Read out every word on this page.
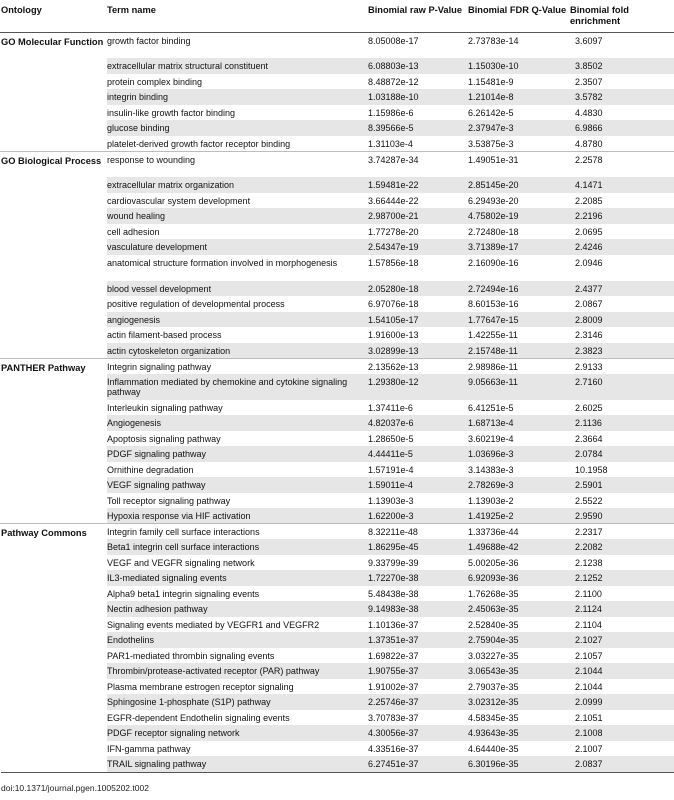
Ontology	Term name	Binomial raw P-Value	Binomial FDR Q-Value	Binomial fold enrichment
GO Molecular Function	growth factor binding	8.05008e-17	2.73783e-14	3.6097
	extracellular matrix structural constituent	6.08803e-13	1.15030e-10	3.8502
	protein complex binding	8.48872e-12	1.15481e-9	2.3507
	integrin binding	1.03188e-10	1.21014e-8	3.5782
	insulin-like growth factor binding	1.15986e-6	6.26142e-5	4.4830
	glucose binding	8.39566e-5	2.37947e-3	6.9866
	platelet-derived growth factor receptor binding	1.31103e-4	3.53875e-3	4.8780
GO Biological Process	response to wounding	3.74287e-34	1.49051e-31	2.2578
	extracellular matrix organization	1.59481e-22	2.85145e-20	4.1471
	cardiovascular system development	3.66444e-22	6.29493e-20	2.2085
	wound healing	2.98700e-21	4.75802e-19	2.2196
	cell adhesion	1.77278e-20	2.72480e-18	2.0695
	vasculature development	2.54347e-19	3.71389e-17	2.4246
	anatomical structure formation involved in morphogenesis	1.57856e-18	2.16090e-16	2.0946
	blood vessel development	2.05280e-18	2.72494e-16	2.4377
	positive regulation of developmental process	6.97076e-18	8.60153e-16	2.0867
	angiogenesis	1.54105e-17	1.77647e-15	2.8009
	actin filament-based process	1.91600e-13	1.42255e-11	2.3146
	actin cytoskeleton organization	3.02899e-13	2.15748e-11	2.3823
PANTHER Pathway	Integrin signaling pathway	2.13562e-13	2.98986e-11	2.9133
	Inflammation mediated by chemokine and cytokine signaling pathway	1.29380e-12	9.05663e-11	2.7160
	Interleukin signaling pathway	1.37411e-6	6.41251e-5	2.6025
	Angiogenesis	4.82037e-6	1.68713e-4	2.1136
	Apoptosis signaling pathway	1.28650e-5	3.60219e-4	2.3664
	PDGF signaling pathway	4.44411e-5	1.03696e-3	2.0784
	Ornithine degradation	1.57191e-4	3.14383e-3	10.1958
	VEGF signaling pathway	1.59011e-4	2.78269e-3	2.5901
	Toll receptor signaling pathway	1.13903e-3	1.13903e-2	2.5522
	Hypoxia response via HIF activation	1.62200e-3	1.41925e-2	2.9590
Pathway Commons	Integrin family cell surface interactions	8.32211e-48	1.33736e-44	2.2317
	Beta1 integrin cell surface interactions	1.86295e-45	1.49688e-42	2.2082
	VEGF and VEGFR signaling network	9.33799e-39	5.00205e-36	2.1238
	IL3-mediated signaling events	1.72270e-38	6.92093e-36	2.1252
	Alpha9 beta1 integrin signaling events	5.48438e-38	1.76268e-35	2.1100
	Nectin adhesion pathway	9.14983e-38	2.45063e-35	2.1124
	Signaling events mediated by VEGFR1 and VEGFR2	1.10136e-37	2.52840e-35	2.1104
	Endothelins	1.37351e-37	2.75904e-35	2.1027
	PAR1-mediated thrombin signaling events	1.69822e-37	3.03227e-35	2.1057
	Thrombin/protease-activated receptor (PAR) pathway	1.90755e-37	3.06543e-35	2.1044
	Plasma membrane estrogen receptor signaling	1.91002e-37	2.79037e-35	2.1044
	Sphingosine 1-phosphate (S1P) pathway	2.25746e-37	3.02312e-35	2.0999
	EGFR-dependent Endothelin signaling events	3.70783e-37	4.58345e-35	2.1051
	PDGF receptor signaling network	4.30056e-37	4.93643e-35	2.1008
	IFN-gamma pathway	4.33516e-37	4.64440e-35	2.1007
	TRAIL signaling pathway	6.27451e-37	6.30196e-35	2.0837
doi:10.1371/journal.pgen.1005202.t002
